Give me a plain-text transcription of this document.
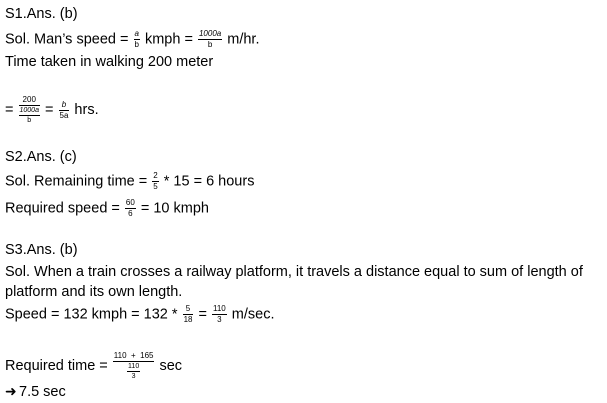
S1.Ans. (b)
Sol. Man’s speed = $\frac{a}{b}$ kmph = $\frac{1000a}{b} m/hr$.
Time taken in walking 200 meter
= $\frac{200}{\frac{1000a}{b}} = \frac{b}{5a}$ hrs.
S2.Ans. (c)
Sol. Remaining time = $\frac{2}{5} * 15 = 6$ hours
Required speed = $\frac{60}{6} = 10$ kmph
S3.Ans. (b)
Sol. When a train crosses a railway platform, it travels a distance equal to sum of length of
platform and its own length.
Speed = 132 kmph = $132 * \frac{5}{18} = \frac{110}{3} m/\sec$.
Required time = $\frac{110 + 165}{\frac{110}{3}}$ sec
➜ 7.5 sec
